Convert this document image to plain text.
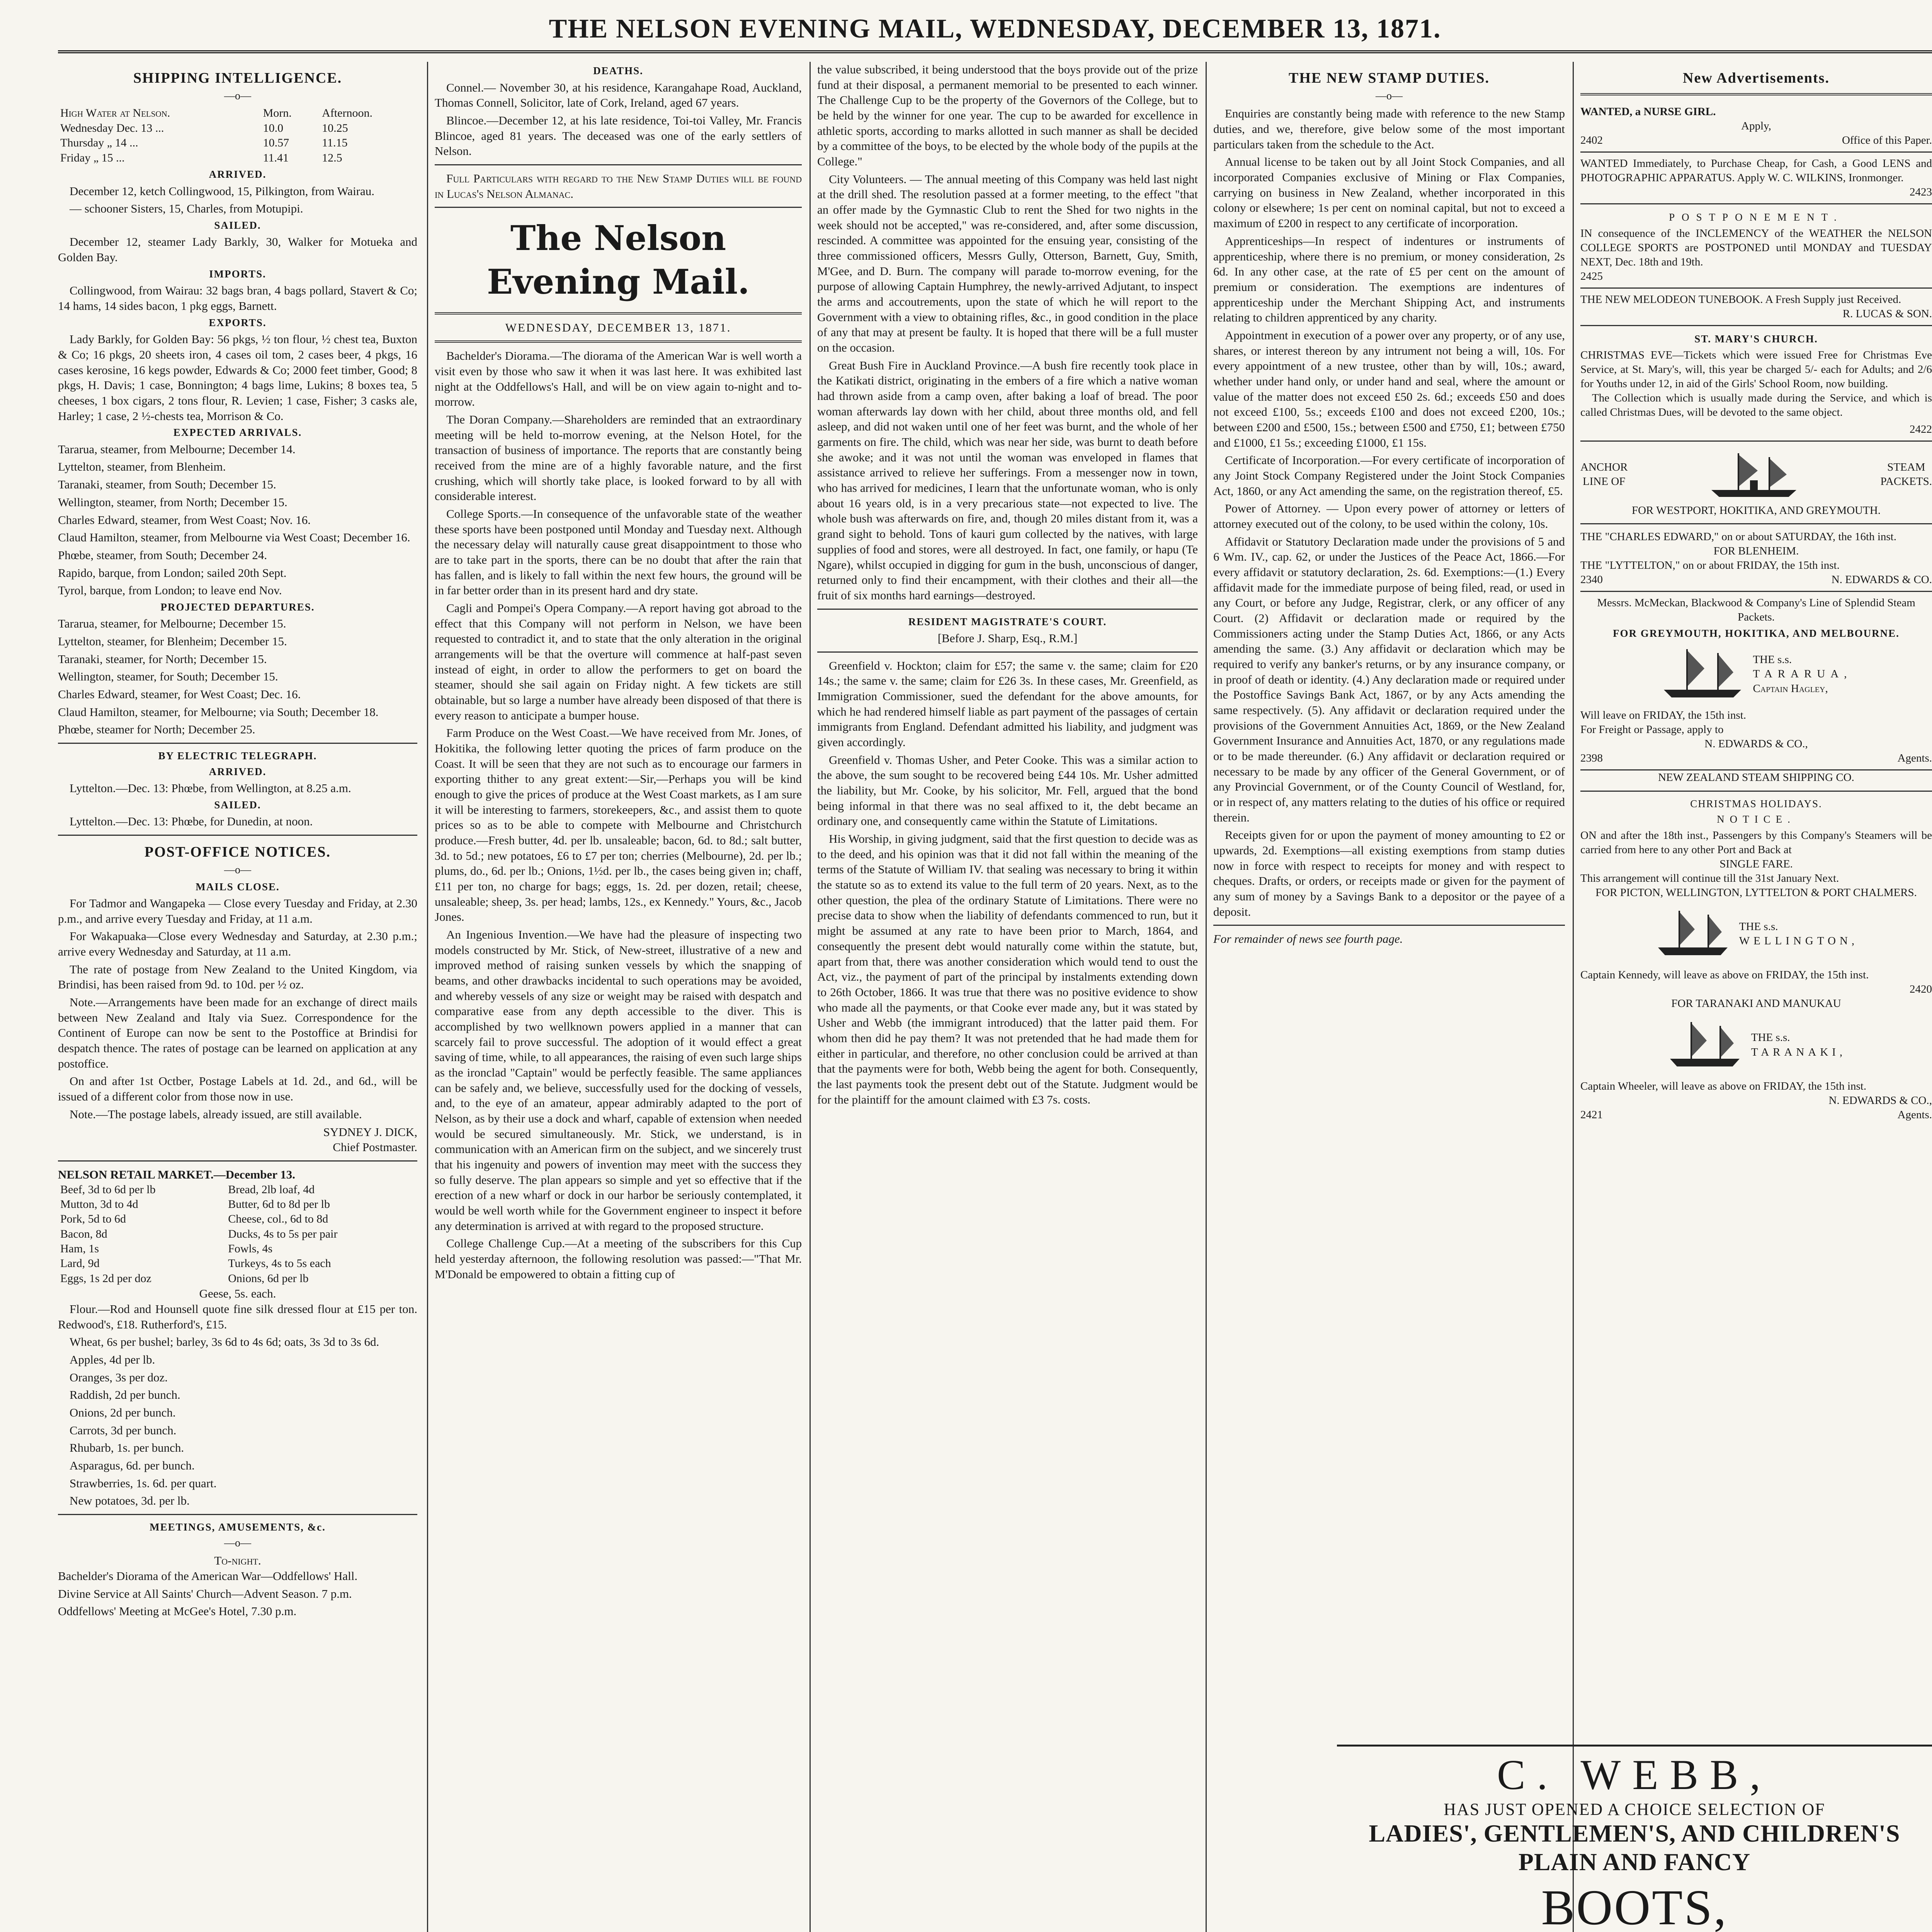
THE NELSON EVENING MAIL, WEDNESDAY, DECEMBER 13, 1871.
SHIPPING INTELLIGENCE.
—o—
High Water at Nelson.	Morn.	Afternoon.
Wednesday Dec. 13 ...	10.0	10.25
Thursday „ 14 ...	10.57	11.15
Friday „ 15 ...	11.41	12.5
ARRIVED.

December 12, ketch Collingwood, 15, Pilkington, from Wairau.

— schooner Sisters, 15, Charles, from Motupipi.

SAILED.

December 12, steamer Lady Barkly, 30, Walker for Motueka and Golden Bay.

IMPORTS.

Collingwood, from Wairau: 32 bags bran, 4 bags pollard, Stavert & Co; 14 hams, 14 sides bacon, 1 pkg eggs, Barnett.

EXPORTS.

Lady Barkly, for Golden Bay: 56 pkgs, ½ ton flour, ½ chest tea, Buxton & Co; 16 pkgs, 20 sheets iron, 4 cases oil tom, 2 cases beer, 4 pkgs, 16 cases kerosine, 16 kegs powder, Edwards & Co; 2000 feet timber, Good; 8 pkgs, H. Davis; 1 case, Bonnington; 4 bags lime, Lukins; 8 boxes tea, 5 cheeses, 1 box cigars, 2 tons flour, R. Levien; 1 case, Fisher; 3 casks ale, Harley; 1 case, 2 ½-chests tea, Morrison & Co.

EXPECTED ARRIVALS.

Tararua, steamer, from Melbourne; December 14.

Lyttelton, steamer, from Blenheim.

Taranaki, steamer, from South; December 15.

Wellington, steamer, from North; December 15.

Charles Edward, steamer, from West Coast; Nov. 16.

Claud Hamilton, steamer, from Melbourne via West Coast; December 16.

Phœbe, steamer, from South; December 24.

Rapido, barque, from London; sailed 20th Sept.

Tyrol, barque, from London; to leave end Nov.

PROJECTED DEPARTURES.

Tararua, steamer, for Melbourne; December 15.

Lyttelton, steamer, for Blenheim; December 15.

Taranaki, steamer, for North; December 15.

Wellington, steamer, for South; December 15.

Charles Edward, steamer, for West Coast; Dec. 16.

Claud Hamilton, steamer, for Melbourne; via South; December 18.

Phœbe, steamer for North; December 25.

BY ELECTRIC TELEGRAPH.
ARRIVED.

Lyttelton.—Dec. 13: Phœbe, from Wellington, at 8.25 a.m.

SAILED.

Lyttelton.—Dec. 13: Phœbe, for Dunedin, at noon.

POST-OFFICE NOTICES.
—o—
MAILS CLOSE.

For Tadmor and Wangapeka — Close every Tuesday and Friday, at 2.30 p.m., and arrive every Tuesday and Friday, at 11 a.m.

For Wakapuaka—Close every Wednesday and Saturday, at 2.30 p.m.; arrive every Wednesday and Saturday, at 11 a.m.

The rate of postage from New Zealand to the United Kingdom, via Brindisi, has been raised from 9d. to 10d. per ½ oz.

Note.—Arrangements have been made for an exchange of direct mails between New Zealand and Italy via Suez. Correspondence for the Continent of Europe can now be sent to the Postoffice at Brindisi for despatch thence. The rates of postage can be learned on application at any postoffice.

On and after 1st Octber, Postage Labels at 1d. 2d., and 6d., will be issued of a different color from those now in use.

Note.—The postage labels, already issued, are still available.

SYDNEY J. DICK,
Chief Postmaster.
NELSON RETAIL MARKET.—December 13.
Beef, 3d to 6d per lb	Bread, 2lb loaf, 4d
Mutton, 3d to 4d	Butter, 6d to 8d per lb
Pork, 5d to 6d	Cheese, col., 6d to 8d
Bacon, 8d	Ducks, 4s to 5s per pair
Ham, 1s	Fowls, 4s
Lard, 9d	Turkeys, 4s to 5s each
Eggs, 1s 2d per doz	Onions, 6d per lb
Geese, 5s. each.

Flour.—Rod and Hounsell quote fine silk dressed flour at £15 per ton. Redwood's, £18. Rutherford's, £15.

Wheat, 6s per bushel; barley, 3s 6d to 4s 6d; oats, 3s 3d to 3s 6d.

Apples, 4d per lb.

Oranges, 3s per doz.

Raddish, 2d per bunch.

Onions, 2d per bunch.

Carrots, 3d per bunch.

Rhubarb, 1s. per bunch.

Asparagus, 6d. per bunch.

Strawberries, 1s. 6d. per quart.

New potatoes, 3d. per lb.

MEETINGS, AMUSEMENTS, &c.
—o—
To-night.

Bachelder's Diorama of the American War—Oddfellows' Hall.

Divine Service at All Saints' Church—Advent Season. 7 p.m.

Oddfellows' Meeting at McGee's Hotel, 7.30 p.m.

DEATHS.

Connel.— November 30, at his residence, Karangahape Road, Auckland, Thomas Connell, Solicitor, late of Cork, Ireland, aged 67 years.

Blincoe.—December 12, at his late residence, Toi-toi Valley, Mr. Francis Blincoe, aged 81 years. The deceased was one of the early settlers of Nelson.

Full Particulars with regard to the New Stamp Duties will be found in Lucas's Nelson Almanac.

The Nelson Evening Mail.
WEDNESDAY, DECEMBER 13, 1871.

Bachelder's Diorama.—The diorama of the American War is well worth a visit even by those who saw it when it was last here. It was exhibited last night at the Oddfellows's Hall, and will be on view again to-night and to-morrow.

The Doran Company.—Shareholders are reminded that an extraordinary meeting will be held to-morrow evening, at the Nelson Hotel, for the transaction of business of importance. The reports that are constantly being received from the mine are of a highly favorable nature, and the first crushing, which will shortly take place, is looked forward to by all with considerable interest.

College Sports.—In consequence of the unfavorable state of the weather these sports have been postponed until Monday and Tuesday next. Although the necessary delay will naturally cause great disappointment to those who are to take part in the sports, there can be no doubt that after the rain that has fallen, and is likely to fall within the next few hours, the ground will be in far better order than in its present hard and dry state.

Cagli and Pompei's Opera Company.—A report having got abroad to the effect that this Company will not perform in Nelson, we have been requested to contradict it, and to state that the only alteration in the original arrangements will be that the overture will commence at half-past seven instead of eight, in order to allow the performers to get on board the steamer, should she sail again on Friday night. A few tickets are still obtainable, but so large a number have already been disposed of that there is every reason to anticipate a bumper house.

Farm Produce on the West Coast.—We have received from Mr. Jones, of Hokitika, the following letter quoting the prices of farm produce on the Coast. It will be seen that they are not such as to encourage our farmers in exporting thither to any great extent:—Sir,—Perhaps you will be kind enough to give the prices of produce at the West Coast markets, as I am sure it will be interesting to farmers, storekeepers, &c., and assist them to quote prices so as to be able to compete with Melbourne and Christchurch produce.—Fresh butter, 4d. per lb. unsaleable; bacon, 6d. to 8d.; salt butter, 3d. to 5d.; new potatoes, £6 to £7 per ton; cherries (Melbourne), 2d. per lb.; plums, do., 6d. per lb.; Onions, 1½d. per lb., the cases being given in; chaff, £11 per ton, no charge for bags; eggs, 1s. 2d. per dozen, retail; cheese, unsaleable; sheep, 3s. per head; lambs, 12s., ex Kennedy." Yours, &c., Jacob Jones.

An Ingenious Invention.—We have had the pleasure of inspecting two models constructed by Mr. Stick, of New-street, illustrative of a new and improved method of raising sunken vessels by which the snapping of beams, and other drawbacks incidental to such operations may be avoided, and whereby vessels of any size or weight may be raised with despatch and comparative ease from any depth accessible to the diver. This is accomplished by two wellknown powers applied in a manner that can scarcely fail to prove successful. The adoption of it would effect a great saving of time, while, to all appearances, the raising of even such large ships as the ironclad "Captain" would be perfectly feasible. The same appliances can be safely and, we believe, successfully used for the docking of vessels, and, to the eye of an amateur, appear admirably adapted to the port of Nelson, as by their use a dock and wharf, capable of extension when needed would be secured simultaneously. Mr. Stick, we understand, is in communication with an American firm on the subject, and we sincerely trust that his ingenuity and powers of invention may meet with the success they so fully deserve. The plan appears so simple and yet so effective that if the erection of a new wharf or dock in our harbor be seriously contemplated, it would be well worth while for the Government engineer to inspect it before any determination is arrived at with regard to the proposed structure.

College Challenge Cup.—At a meeting of the subscribers for this Cup held yesterday afternoon, the following resolution was passed:—"That Mr. M'Donald be empowered to obtain a fitting cup of

the value subscribed, it being understood that the boys provide out of the prize fund at their disposal, a permanent memorial to be presented to each winner. The Challenge Cup to be the property of the Governors of the College, but to be held by the winner for one year. The cup to be awarded for excellence in athletic sports, according to marks allotted in such manner as shall be decided by a committee of the boys, to be elected by the whole body of the pupils at the College."

City Volunteers. — The annual meeting of this Company was held last night at the drill shed. The resolution passed at a former meeting, to the effect "that an offer made by the Gymnastic Club to rent the Shed for two nights in the week should not be accepted," was re-considered, and, after some discussion, rescinded. A committee was appointed for the ensuing year, consisting of the three commissioned officers, Messrs Gully, Otterson, Barnett, Guy, Smith, M'Gee, and D. Burn. The company will parade to-morrow evening, for the purpose of allowing Captain Humphrey, the newly-arrived Adjutant, to inspect the arms and accoutrements, upon the state of which he will report to the Government with a view to obtaining rifles, &c., in good condition in the place of any that may at present be faulty. It is hoped that there will be a full muster on the occasion.

Great Bush Fire in Auckland Province.—A bush fire recently took place in the Katikati district, originating in the embers of a fire which a native woman had thrown aside from a camp oven, after baking a loaf of bread. The poor woman afterwards lay down with her child, about three months old, and fell asleep, and did not waken until one of her feet was burnt, and the whole of her garments on fire. The child, which was near her side, was burnt to death before she awoke; and it was not until the woman was enveloped in flames that assistance arrived to relieve her sufferings. From a messenger now in town, who has arrived for medicines, I learn that the unfortunate woman, who is only about 16 years old, is in a very precarious state—not expected to live. The whole bush was afterwards on fire, and, though 20 miles distant from it, was a grand sight to behold. Tons of kauri gum collected by the natives, with large supplies of food and stores, were all destroyed. In fact, one family, or hapu (Te Ngare), whilst occupied in digging for gum in the bush, unconscious of danger, returned only to find their encampment, with their clothes and their all—the fruit of six months hard earnings—destroyed.

RESIDENT MAGISTRATE'S COURT.
[Before J. Sharp, Esq., R.M.]

Greenfield v. Hockton; claim for £57; the same v. the same; claim for £20 14s.; the same v. the same; claim for £26 3s. In these cases, Mr. Greenfield, as Immigration Commissioner, sued the defendant for the above amounts, for which he had rendered himself liable as part payment of the passages of certain immigrants from England. Defendant admitted his liability, and judgment was given accordingly.

Greenfield v. Thomas Usher, and Peter Cooke. This was a similar action to the above, the sum sought to be recovered being £44 10s. Mr. Usher admitted the liability, but Mr. Cooke, by his solicitor, Mr. Fell, argued that the bond being informal in that there was no seal affixed to it, the debt became an ordinary one, and consequently came within the Statute of Limitations.

His Worship, in giving judgment, said that the first question to decide was as to the deed, and his opinion was that it did not fall within the meaning of the terms of the Statute of William IV. that sealing was necessary to bring it within the statute so as to extend its value to the full term of 20 years. Next, as to the other question, the plea of the ordinary Statute of Limitations. There were no precise data to show when the liability of defendants commenced to run, but it might be assumed at any rate to have been prior to March, 1864, and consequently the present debt would naturally come within the statute, but, apart from that, there was another consideration which would tend to oust the Act, viz., the payment of part of the principal by instalments extending down to 26th October, 1866. It was true that there was no positive evidence to show who made all the payments, or that Cooke ever made any, but it was stated by Usher and Webb (the immigrant introduced) that the latter paid them. For whom then did he pay them? It was not pretended that he had made them for either in particular, and therefore, no other conclusion could be arrived at than that the payments were for both, Webb being the agent for both. Consequently, the last payments took the present debt out of the Statute. Judgment would be for the plaintiff for the amount claimed with £3 7s. costs.

THE NEW STAMP DUTIES.
—o—

Enquiries are constantly being made with reference to the new Stamp duties, and we, therefore, give below some of the most important particulars taken from the schedule to the Act.

Annual license to be taken out by all Joint Stock Companies, and all incorporated Companies exclusive of Mining or Flax Companies, carrying on business in New Zealand, whether incorporated in this colony or elsewhere; 1s per cent on nominal capital, but not to exceed a maximum of £200 in respect to any certificate of incorporation.

Apprenticeships—In respect of indentures or instruments of apprenticeship, where there is no premium, or money consideration, 2s 6d. In any other case, at the rate of £5 per cent on the amount of premium or consideration. The exemptions are indentures of apprenticeship under the Merchant Shipping Act, and instruments relating to children apprenticed by any charity.

Appointment in execution of a power over any property, or of any use, shares, or interest thereon by any intrument not being a will, 10s. For every appointment of a new trustee, other than by will, 10s.; award, whether under hand only, or under hand and seal, where the amount or value of the matter does not exceed £50 2s. 6d.; exceeds £50 and does not exceed £100, 5s.; exceeds £100 and does not exceed £200, 10s.; between £200 and £500, 15s.; between £500 and £750, £1; between £750 and £1000, £1 5s.; exceeding £1000, £1 15s.

Certificate of Incorporation.—For every certificate of incorporation of any Joint Stock Company Registered under the Joint Stock Companies Act, 1860, or any Act amending the same, on the registration thereof, £5.

Power of Attorney. — Upon every power of attorney or letters of attorney executed out of the colony, to be used within the colony, 10s.

Affidavit or Statutory Declaration made under the provisions of 5 and 6 Wm. IV., cap. 62, or under the Justices of the Peace Act, 1866.—For every affidavit or statutory declaration, 2s. 6d. Exemptions:—(1.) Every affidavit made for the immediate purpose of being filed, read, or used in any Court, or before any Judge, Registrar, clerk, or any officer of any Court. (2) Affidavit or declaration made or required by the Commissioners acting under the Stamp Duties Act, 1866, or any Acts amending the same. (3.) Any affidavit or declaration which may be required to verify any banker's returns, or by any insurance company, or in proof of death or identity. (4.) Any declaration made or required under the Postoffice Savings Bank Act, 1867, or by any Acts amending the same respectively. (5). Any affidavit or declaration required under the provisions of the Government Annuities Act, 1869, or the New Zealand Government Insurance and Annuities Act, 1870, or any regulations made or to be made thereunder. (6.) Any affidavit or declaration required or necessary to be made by any officer of the General Government, or of any Provincial Government, or of the County Council of Westland, for, or in respect of, any matters relating to the duties of his office or required therein.

Receipts given for or upon the payment of money amounting to £2 or upwards, 2d. Exemptions—all existing exemptions from stamp duties now in force with respect to receipts for money and with respect to cheques. Drafts, or orders, or receipts made or given for the payment of any sum of money by a Savings Bank to a depositor or the payee of a deposit.

For remainder of news see fourth page.
New Advertisements.
WANTED, a NURSE GIRL.
Apply,
2402	Office of this Paper.
WANTED Immediately, to Purchase Cheap, for Cash, a Good LENS and PHOTOGRAPHIC APPARATUS. Apply W. C. WILKINS, Ironmonger.
2423
POSTPONEMENT.
IN consequence of the INCLEMENCY of the WEATHER the NELSON COLLEGE SPORTS are POSTPONED until MONDAY and TUESDAY NEXT, Dec. 18th and 19th.
2425
THE NEW MELODEON TUNEBOOK. A Fresh Supply just Received.
R. LUCAS & SON.
ST. MARY'S CHURCH.
CHRISTMAS EVE—Tickets which were issued Free for Christmas Eve Service, at St. Mary's, will, this year be charged 5/- each for Adults; and 2/6 for Youths under 12, in aid of the Girls' School Room, now building.

The Collection which is usually made during the Service, and which is called Christmas Dues, will be devoted to the same object.

2422
ANCHOR
LINE OF
STEAM
PACKETS.
FOR WESTPORT, HOKITIKA, AND GREYMOUTH.
THE "CHARLES EDWARD," on or about SATURDAY, the 16th inst.
FOR BLENHEIM.
THE "LYTTELTON," on or about FRIDAY, the 15th inst.
2340	N. EDWARDS & CO.
Messrs. McMeckan, Blackwood & Company's Line of Splendid Steam Packets.
FOR GREYMOUTH, HOKITIKA, AND MELBOURNE.
THE s.s.
TARARUA,
Captain Hagley,
Will leave on FRIDAY, the 15th inst.
For Freight or Passage, apply to
N. EDWARDS & CO.,
2398	Agents.
NEW ZEALAND STEAM SHIPPING CO.
CHRISTMAS HOLIDAYS.
NOTICE.
ON and after the 18th inst., Passengers by this Company's Steamers will be carried from here to any other Port and Back at
SINGLE FARE.
This arrangement will continue till the 31st January Next.
FOR PICTON, WELLINGTON, LYTTELTON & PORT CHALMERS.
THE s.s.
WELLINGTON,
Captain Kennedy, will leave as above on FRIDAY, the 15th inst.
2420
FOR TARANAKI AND MANUKAU
THE s.s.
TARANAKI,
Captain Wheeler, will leave as above on FRIDAY, the 15th inst.
N. EDWARDS & CO.,
2421	Agents.
C. WEBB,
HAS JUST OPENED A CHOICE SELECTION OF
LADIES', GENTLEMEN'S, AND CHILDREN'S PLAIN AND FANCY
BOOTS,
